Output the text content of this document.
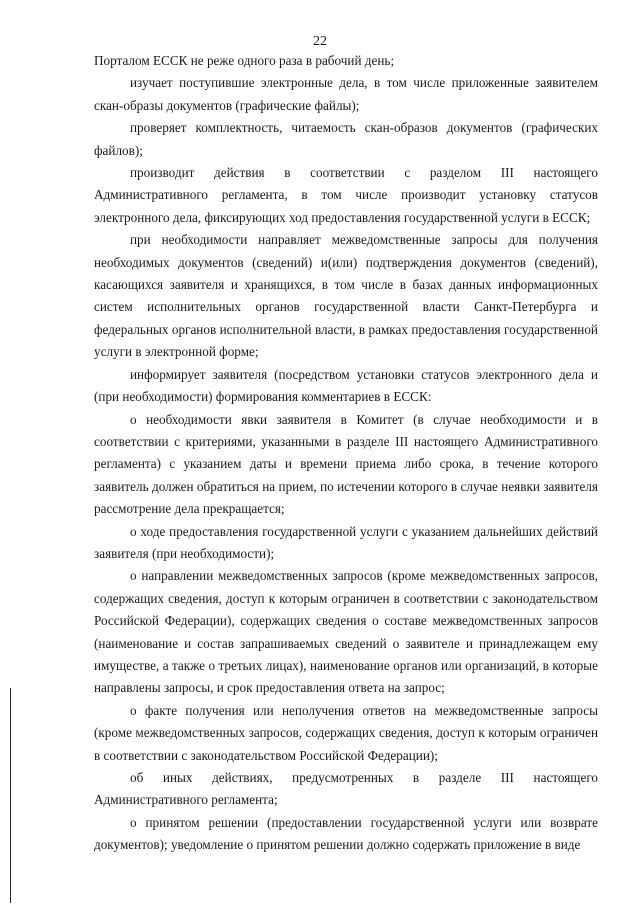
22

Порталом ЕССК не реже одного раза в рабочий день;

изучает поступившие электронные дела, в том числе приложенные заявителем скан-образы документов (графические файлы);

проверяет комплектность, читаемость скан-образов документов (графических файлов);

производит действия в соответствии с разделом III настоящего Административного регламента, в том числе производит установку статусов электронного дела, фиксирующих ход предоставления государственной услуги в ЕССК;

при необходимости направляет межведомственные запросы для получения необходимых документов (сведений) и(или) подтверждения документов (сведений), касающихся заявителя и хранящихся, в том числе в базах данных информационных систем исполнительных органов государственной власти Санкт-Петербурга и федеральных органов исполнительной власти, в рамках предоставления государственной услуги в электронной форме;

информирует заявителя (посредством установки статусов электронного дела и (при необходимости) формирования комментариев в ЕССК:

о необходимости явки заявителя в Комитет (в случае необходимости и в соответствии с критериями, указанными в разделе III настоящего Административного регламента) с указанием даты и времени приема либо срока, в течение которого заявитель должен обратиться на прием, по истечении которого в случае неявки заявителя рассмотрение дела прекращается;

о ходе предоставления государственной услуги с указанием дальнейших действий заявителя (при необходимости);

о направлении межведомственных запросов (кроме межведомственных запросов, содержащих сведения, доступ к которым ограничен в соответствии с законодательством Российской Федерации), содержащих сведения о составе межведомственных запросов (наименование и состав запрашиваемых сведений о заявителе и принадлежащем ему имуществе, а также о третьих лицах), наименование органов или организаций, в которые направлены запросы, и срок предоставления ответа на запрос;

о факте получения или неполучения ответов на межведомственные запросы (кроме межведомственных запросов, содержащих сведения, доступ к которым ограничен в соответствии с законодательством Российской Федерации);

об иных действиях, предусмотренных в разделе III настоящего Административного регламента;

о принятом решении (предоставлении государственной услуги или возврате документов); уведомление о принятом решении должно содержать приложение в виде
